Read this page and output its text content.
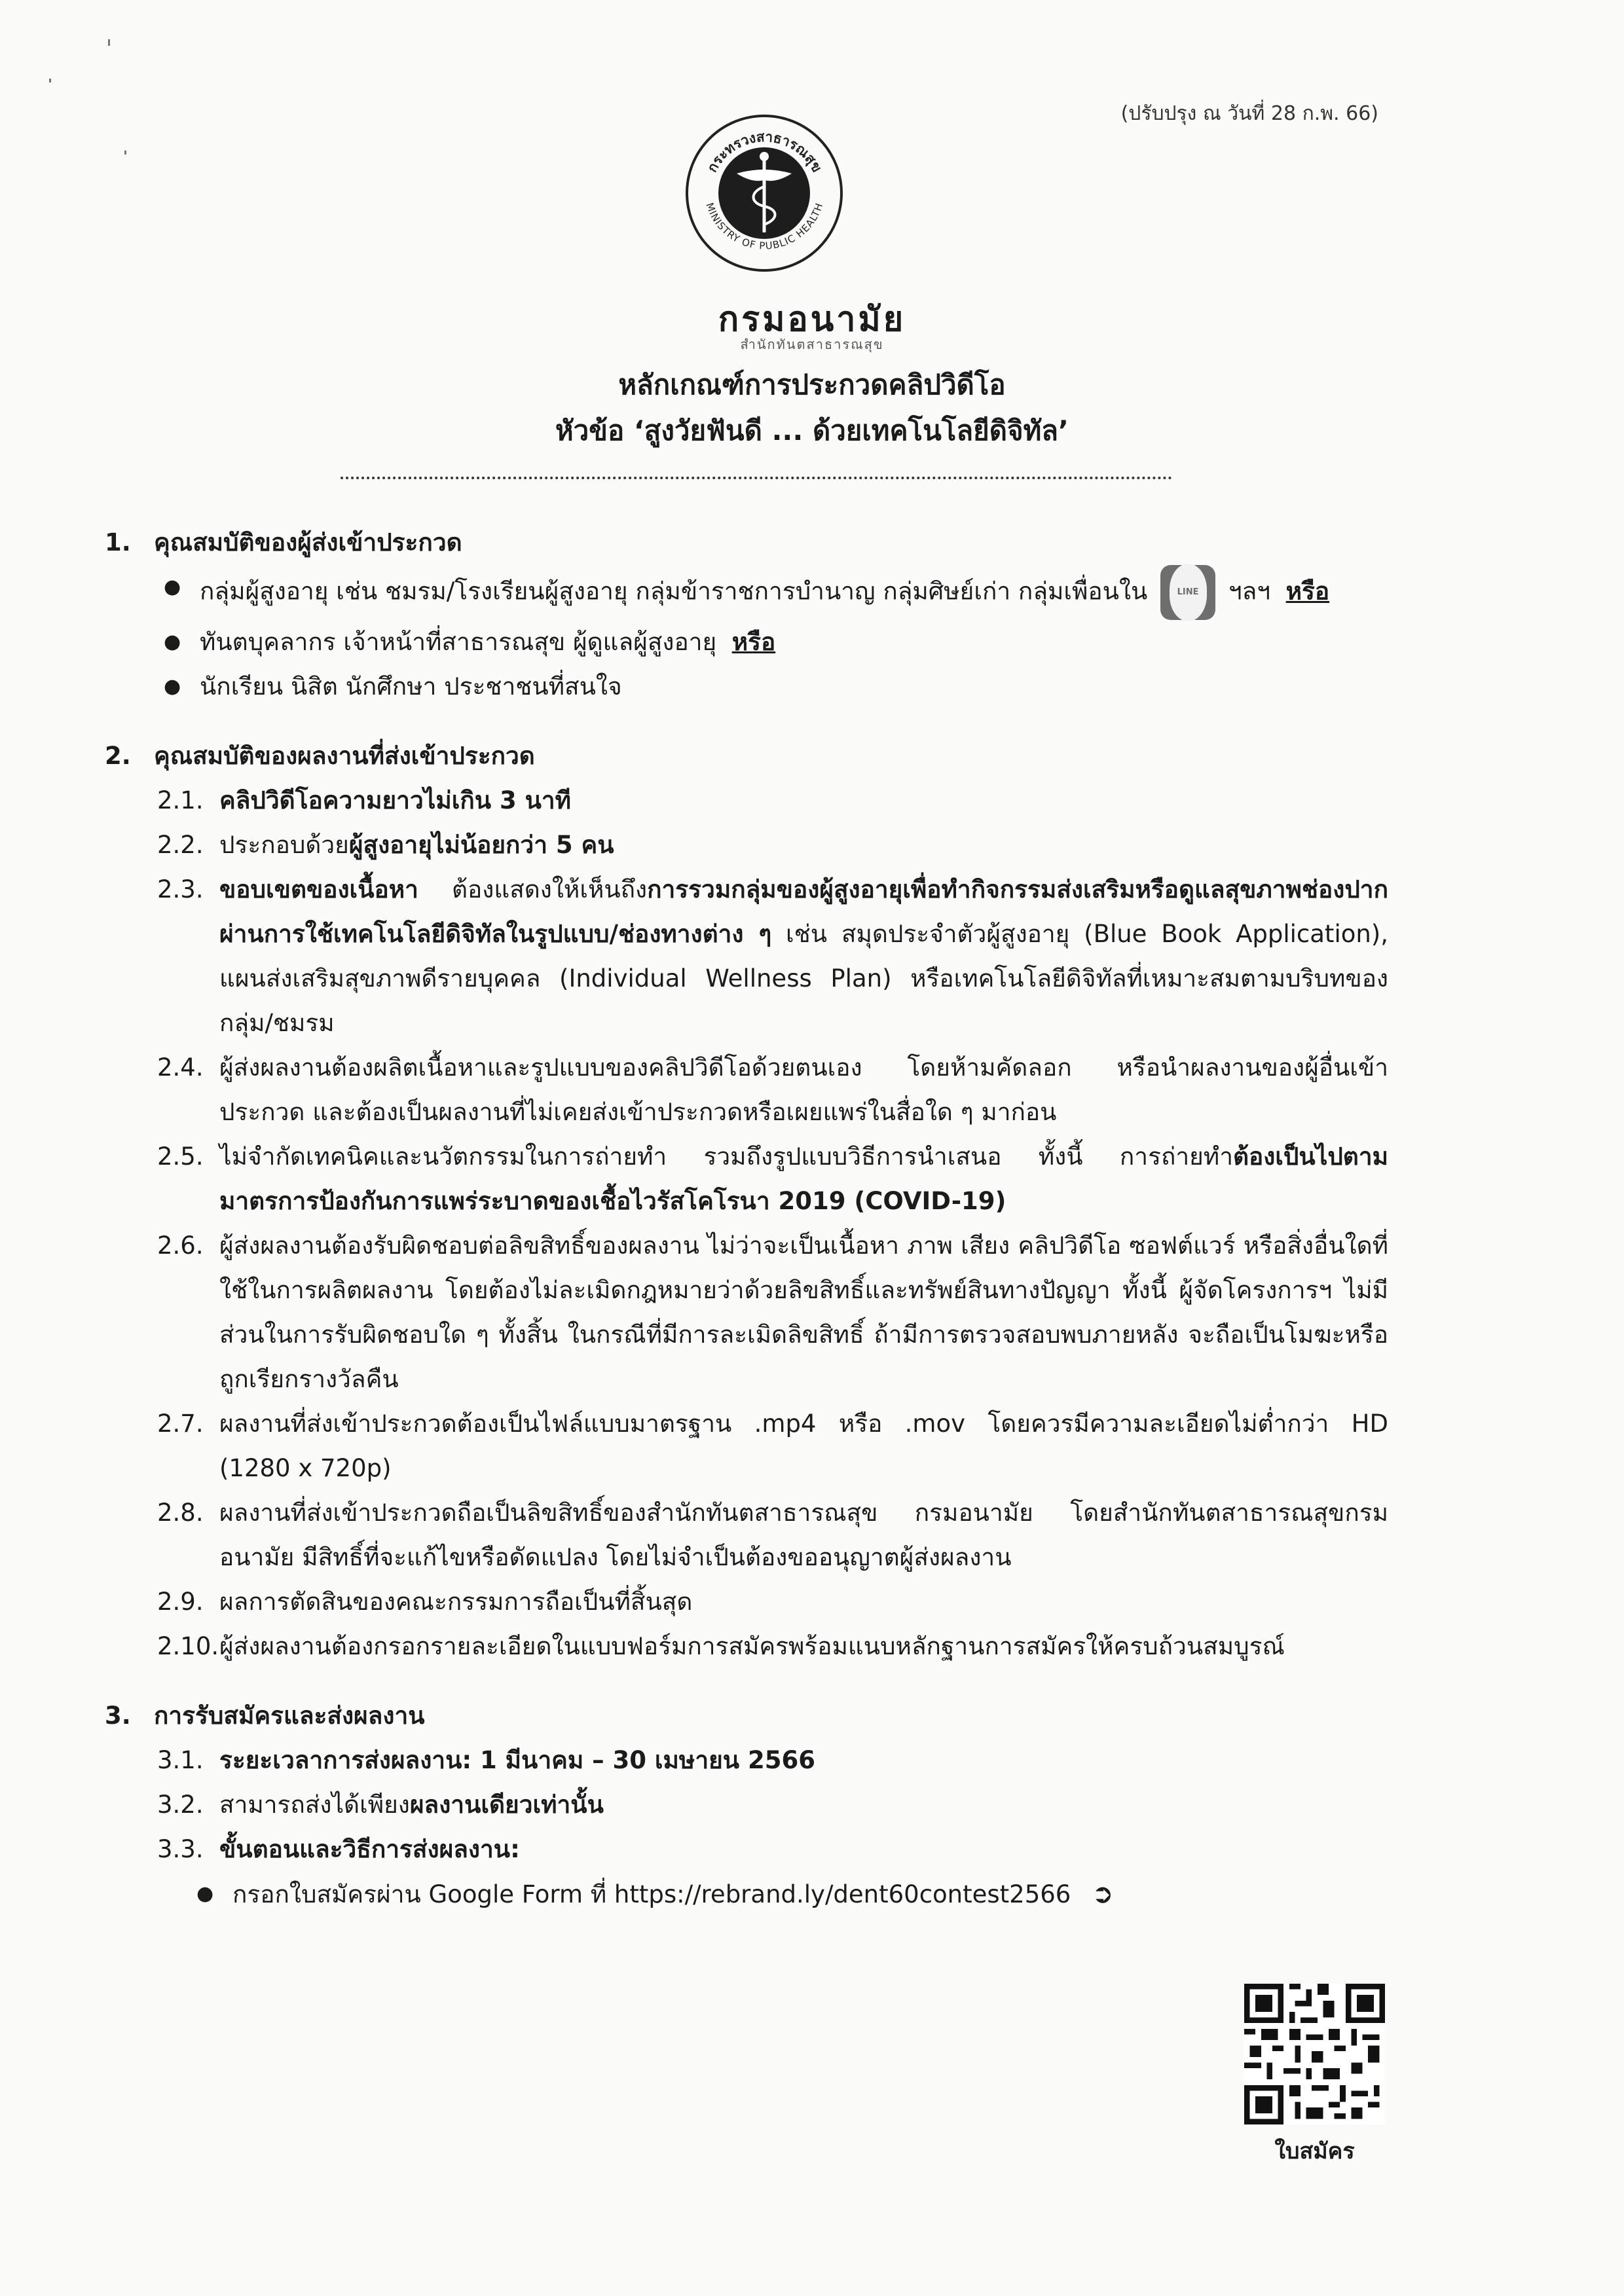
(ปรับปรุง ณ วันที่ 28 ก.พ. 66)
กระทรวงสาธารณสุข
MINISTRY OF PUBLIC HEALTH
กรมอนามัย
สำนักทันตสาธารณสุข
หลักเกณฑ์การประกวดคลิปวิดีโอ
หัวข้อ ‘สูงวัยฟันดี ... ด้วยเทคโนโลยีดิจิทัล’
1. คุณสมบัติของผู้ส่งเข้าประกวด
● กลุ่มผู้สูงอายุ เช่น ชมรม/โรงเรียนผู้สูงอายุ กลุ่มข้าราชการบำนาญ กลุ่มศิษย์เก่า กลุ่มเพื่อนใน	LINE	ฯลฯ หรือ
● ทันตบุคลากร เจ้าหน้าที่สาธารณสุข ผู้ดูแลผู้สูงอายุ หรือ
● นักเรียน นิสิต นักศึกษา ประชาชนที่สนใจ
2. คุณสมบัติของผลงานที่ส่งเข้าประกวด
2.1. คลิปวิดีโอความยาวไม่เกิน 3 นาที
2.2. ประกอบด้วยผู้สูงอายุไม่น้อยกว่า 5 คน
2.3. ขอบเขตของเนื้อหา ต้องแสดงให้เห็นถึงการรวมกลุ่มของผู้สูงอายุเพื่อทำกิจกรรมส่งเสริมหรือดูแลสุขภาพช่องปาก ผ่านการใช้เทคโนโลยีดิจิทัลในรูปแบบ/ช่องทางต่าง ๆ เช่น สมุดประจำตัวผู้สูงอายุ (Blue Book Application), แผนส่งเสริมสุขภาพดีรายบุคคล (Individual Wellness Plan) หรือเทคโนโลยีดิจิทัลที่เหมาะสมตามบริบทของกลุ่ม/ชมรม
2.4. ผู้ส่งผลงานต้องผลิตเนื้อหาและรูปแบบของคลิปวิดีโอด้วยตนเอง โดยห้ามคัดลอก หรือนำผลงานของผู้อื่นเข้าประกวด และต้องเป็นผลงานที่ไม่เคยส่งเข้าประกวดหรือเผยแพร่ในสื่อใด ๆ มาก่อน
2.5. ไม่จำกัดเทคนิคและนวัตกรรมในการถ่ายทำ รวมถึงรูปแบบวิธีการนำเสนอ ทั้งนี้ การถ่ายทำต้องเป็นไปตามมาตรการป้องกันการแพร่ระบาดของเชื้อไวรัสโคโรนา 2019 (COVID-19)
2.6. ผู้ส่งผลงานต้องรับผิดชอบต่อลิขสิทธิ์ของผลงาน ไม่ว่าจะเป็นเนื้อหา ภาพ เสียง คลิปวิดีโอ ซอฟต์แวร์ หรือสิ่งอื่นใดที่ใช้ในการผลิตผลงาน โดยต้องไม่ละเมิดกฎหมายว่าด้วยลิขสิทธิ์และทรัพย์สินทางปัญญา ทั้งนี้ ผู้จัดโครงการฯ ไม่มีส่วนในการรับผิดชอบใด ๆ ทั้งสิ้น ในกรณีที่มีการละเมิดลิขสิทธิ์ ถ้ามีการตรวจสอบพบภายหลัง จะถือเป็นโมฆะหรือถูกเรียกรางวัลคืน
2.7. ผลงานที่ส่งเข้าประกวดต้องเป็นไฟล์แบบมาตรฐาน .mp4 หรือ .mov โดยควรมีความละเอียดไม่ต่ำกว่า HD (1280 x 720p)
2.8. ผลงานที่ส่งเข้าประกวดถือเป็นลิขสิทธิ์ของสำนักทันตสาธารณสุข กรมอนามัย โดยสำนักทันตสาธารณสุขกรมอนามัย มีสิทธิ์ที่จะแก้ไขหรือดัดแปลง โดยไม่จำเป็นต้องขออนุญาตผู้ส่งผลงาน
2.9. ผลการตัดสินของคณะกรรมการถือเป็นที่สิ้นสุด
2.10. ผู้ส่งผลงานต้องกรอกรายละเอียดในแบบฟอร์มการสมัครพร้อมแนบหลักฐานการสมัครให้ครบถ้วนสมบูรณ์
3. การรับสมัครและส่งผลงาน
3.1. ระยะเวลาการส่งผลงาน: 1 มีนาคม – 30 เมษายน 2566
3.2. สามารถส่งได้เพียงผลงานเดียวเท่านั้น
3.3. ขั้นตอนและวิธีการส่งผลงาน:
● กรอกใบสมัครผ่าน Google Form ที่ https://rebrand.ly/dent60contest2566 ➲
ใบสมัคร
